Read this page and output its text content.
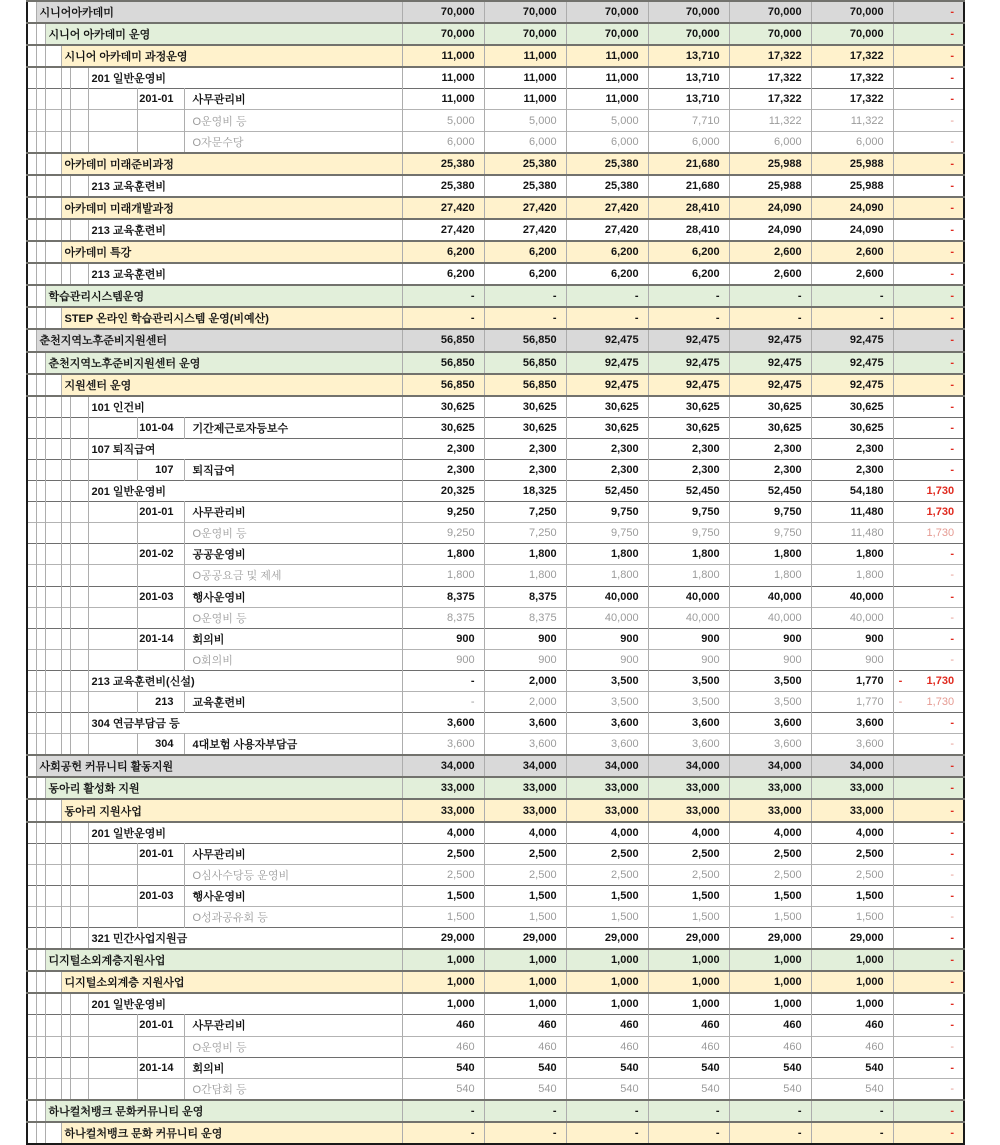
	시니어아카데미							70,000	70,000	70,000	70,000	70,000	70,000	-
		시니어 아카데미 운영						70,000	70,000	70,000	70,000	70,000	70,000	-
			시니어 아카데미 과정운영					11,000	11,000	11,000	13,710	17,322	17,322	-
					201 일반운영비			11,000	11,000	11,000	13,710	17,322	17,322	-
						201-01	사무관리비	11,000	11,000	11,000	13,710	17,322	17,322	-
							O운영비 등	5,000	5,000	5,000	7,710	11,322	11,322	-
							O자문수당	6,000	6,000	6,000	6,000	6,000	6,000	-
			아카데미 미래준비과정					25,380	25,380	25,380	21,680	25,988	25,988	-
					213 교육훈련비			25,380	25,380	25,380	21,680	25,988	25,988	-
			아카데미 미래개발과정					27,420	27,420	27,420	28,410	24,090	24,090	-
					213 교육훈련비			27,420	27,420	27,420	28,410	24,090	24,090	-
			아카데미 특강					6,200	6,200	6,200	6,200	2,600	2,600	-
					213 교육훈련비			6,200	6,200	6,200	6,200	2,600	2,600	-
		학습관리시스템운영						-	-	-	-	-	-	-
			STEP 온라인 학습관리시스템 운영(비예산)					-	-	-	-	-	-	-
	춘천지역노후준비지원센터							56,850	56,850	92,475	92,475	92,475	92,475	-
		춘천지역노후준비지원센터 운영						56,850	56,850	92,475	92,475	92,475	92,475	-
			지원센터 운영					56,850	56,850	92,475	92,475	92,475	92,475	-
					101 인건비			30,625	30,625	30,625	30,625	30,625	30,625	-
						101-04	기간제근로자등보수	30,625	30,625	30,625	30,625	30,625	30,625	-
					107 퇴직급여			2,300	2,300	2,300	2,300	2,300	2,300	-
						107	퇴직급여	2,300	2,300	2,300	2,300	2,300	2,300	-
					201 일반운영비			20,325	18,325	52,450	52,450	52,450	54,180	1,730
						201-01	사무관리비	9,250	7,250	9,750	9,750	9,750	11,480	1,730
							O운영비 등	9,250	7,250	9,750	9,750	9,750	11,480	1,730
						201-02	공공운영비	1,800	1,800	1,800	1,800	1,800	1,800	-
							O공공요금 및 제세	1,800	1,800	1,800	1,800	1,800	1,800	-
						201-03	행사운영비	8,375	8,375	40,000	40,000	40,000	40,000	-
							O운영비 등	8,375	8,375	40,000	40,000	40,000	40,000	-
						201-14	회의비	900	900	900	900	900	900	-
							O회의비	900	900	900	900	900	900	-
					213 교육훈련비(신설)			-	2,000	3,500	3,500	3,500	1,770	- 1,730
						213	교육훈련비	-	2,000	3,500	3,500	3,500	1,770	- 1,730
					304 연금부담금 등			3,600	3,600	3,600	3,600	3,600	3,600	-
						304	4대보험 사용자부담금	3,600	3,600	3,600	3,600	3,600	3,600	-
	사회공헌 커뮤니티 활동지원							34,000	34,000	34,000	34,000	34,000	34,000	-
		동아리 활성화 지원						33,000	33,000	33,000	33,000	33,000	33,000	-
			동아리 지원사업					33,000	33,000	33,000	33,000	33,000	33,000	-
					201 일반운영비			4,000	4,000	4,000	4,000	4,000	4,000	-
						201-01	사무관리비	2,500	2,500	2,500	2,500	2,500	2,500	-
							O심사수당등 운영비	2,500	2,500	2,500	2,500	2,500	2,500	-
						201-03	행사운영비	1,500	1,500	1,500	1,500	1,500	1,500	-
							O성과공유회 등	1,500	1,500	1,500	1,500	1,500	1,500	-
					321 민간사업지원금			29,000	29,000	29,000	29,000	29,000	29,000	-
		디지털소외계층지원사업						1,000	1,000	1,000	1,000	1,000	1,000	-
			디지털소외계층 지원사업					1,000	1,000	1,000	1,000	1,000	1,000	-
					201 일반운영비			1,000	1,000	1,000	1,000	1,000	1,000	-
						201-01	사무관리비	460	460	460	460	460	460	-
							O운영비 등	460	460	460	460	460	460	-
						201-14	회의비	540	540	540	540	540	540	-
							O간담회 등	540	540	540	540	540	540	-
		하나컬처뱅크 문화커뮤니티 운영						-	-	-	-	-	-	-
			하나컬처뱅크 문화 커뮤니티 운영					-	-	-	-	-	-	-
